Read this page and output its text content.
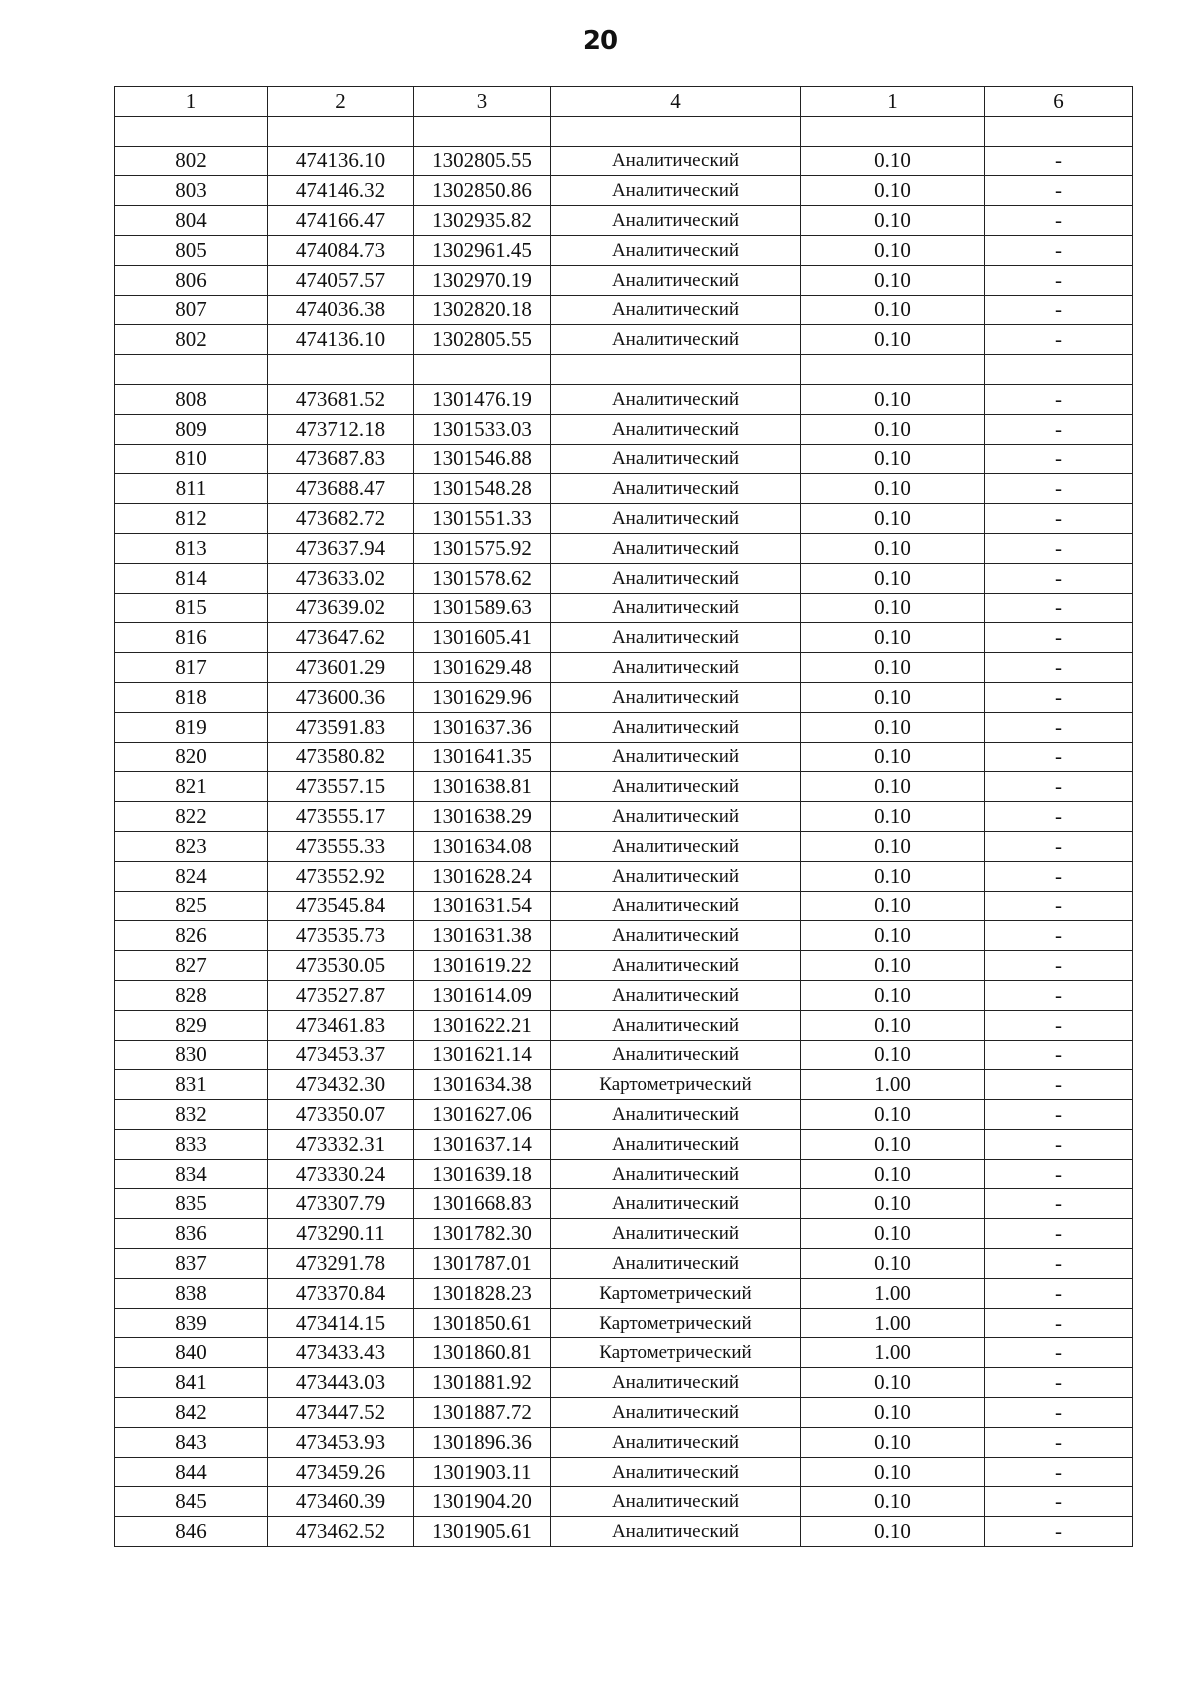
20
1	2	3	4	1	6

802	474136.10	1302805.55	Аналитический	0.10	-
803	474146.32	1302850.86	Аналитический	0.10	-
804	474166.47	1302935.82	Аналитический	0.10	-
805	474084.73	1302961.45	Аналитический	0.10	-
806	474057.57	1302970.19	Аналитический	0.10	-
807	474036.38	1302820.18	Аналитический	0.10	-
802	474136.10	1302805.55	Аналитический	0.10	-

808	473681.52	1301476.19	Аналитический	0.10	-
809	473712.18	1301533.03	Аналитический	0.10	-
810	473687.83	1301546.88	Аналитический	0.10	-
811	473688.47	1301548.28	Аналитический	0.10	-
812	473682.72	1301551.33	Аналитический	0.10	-
813	473637.94	1301575.92	Аналитический	0.10	-
814	473633.02	1301578.62	Аналитический	0.10	-
815	473639.02	1301589.63	Аналитический	0.10	-
816	473647.62	1301605.41	Аналитический	0.10	-
817	473601.29	1301629.48	Аналитический	0.10	-
818	473600.36	1301629.96	Аналитический	0.10	-
819	473591.83	1301637.36	Аналитический	0.10	-
820	473580.82	1301641.35	Аналитический	0.10	-
821	473557.15	1301638.81	Аналитический	0.10	-
822	473555.17	1301638.29	Аналитический	0.10	-
823	473555.33	1301634.08	Аналитический	0.10	-
824	473552.92	1301628.24	Аналитический	0.10	-
825	473545.84	1301631.54	Аналитический	0.10	-
826	473535.73	1301631.38	Аналитический	0.10	-
827	473530.05	1301619.22	Аналитический	0.10	-
828	473527.87	1301614.09	Аналитический	0.10	-
829	473461.83	1301622.21	Аналитический	0.10	-
830	473453.37	1301621.14	Аналитический	0.10	-
831	473432.30	1301634.38	Картометрический	1.00	-
832	473350.07	1301627.06	Аналитический	0.10	-
833	473332.31	1301637.14	Аналитический	0.10	-
834	473330.24	1301639.18	Аналитический	0.10	-
835	473307.79	1301668.83	Аналитический	0.10	-
836	473290.11	1301782.30	Аналитический	0.10	-
837	473291.78	1301787.01	Аналитический	0.10	-
838	473370.84	1301828.23	Картометрический	1.00	-
839	473414.15	1301850.61	Картометрический	1.00	-
840	473433.43	1301860.81	Картометрический	1.00	-
841	473443.03	1301881.92	Аналитический	0.10	-
842	473447.52	1301887.72	Аналитический	0.10	-
843	473453.93	1301896.36	Аналитический	0.10	-
844	473459.26	1301903.11	Аналитический	0.10	-
845	473460.39	1301904.20	Аналитический	0.10	-
846	473462.52	1301905.61	Аналитический	0.10	-
